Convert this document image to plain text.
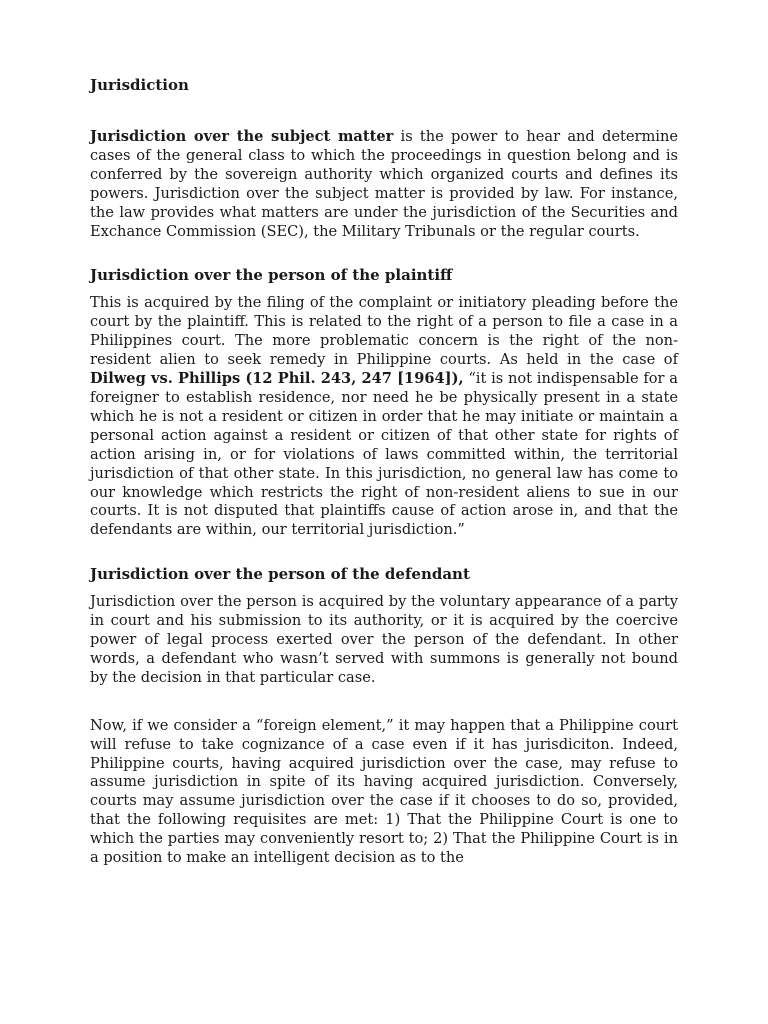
Jurisdiction

Jurisdiction over the subject matter is the power to hear and determine cases of the general class to which the proceedings in question belong and is conferred by the sovereign authority which organized courts and defines its powers. Jurisdiction over the subject matter is provided by law. For instance, the law provides what matters are under the jurisdiction of the Securities and Exchance Commission (SEC), the Military Tribunals or the regular courts.

Jurisdiction over the person of the plaintiff

This is acquired by the filing of the complaint or initiatory pleading before the court by the plaintiff. This is related to the right of a person to file a case in a Philippines court. The more problematic concern is the right of the non-resident alien to seek remedy in Philippine courts. As held in the case of Dilweg vs. Phillips (12 Phil. 243, 247 [1964]), “it is not indispensable for a foreigner to establish residence, nor need he be physically present in a state which he is not a resident or citizen in order that he may initiate or maintain a personal action against a resident or citizen of that other state for rights of action arising in, or for violations of laws committed within, the territorial jurisdiction of that other state. In this jurisdiction, no general law has come to our knowledge which restricts the right of non-resident aliens to sue in our courts. It is not disputed that plaintiffs cause of action arose in, and that the defendants are within, our territorial jurisdiction.”

Jurisdiction over the person of the defendant

Jurisdiction over the person is acquired by the voluntary appearance of a party in court and his submission to its authority, or it is acquired by the coercive power of legal process exerted over the person of the defendant. In other words, a defendant who wasn’t served with summons is generally not bound by the decision in that particular case.

Now, if we consider a “foreign element,” it may happen that a Philippine court will refuse to take cognizance of a case even if it has jurisdiciton. Indeed, Philippine courts, having acquired jurisdiction over the case, may refuse to assume jurisdiction in spite of its having acquired jurisdiction. Conversely, courts may assume jurisdiction over the case if it chooses to do so, provided, that the following requisites are met: 1) That the Philippine Court is one to which the parties may conveniently resort to; 2) That the Philippine Court is in a position to make an intelligent decision as to the
